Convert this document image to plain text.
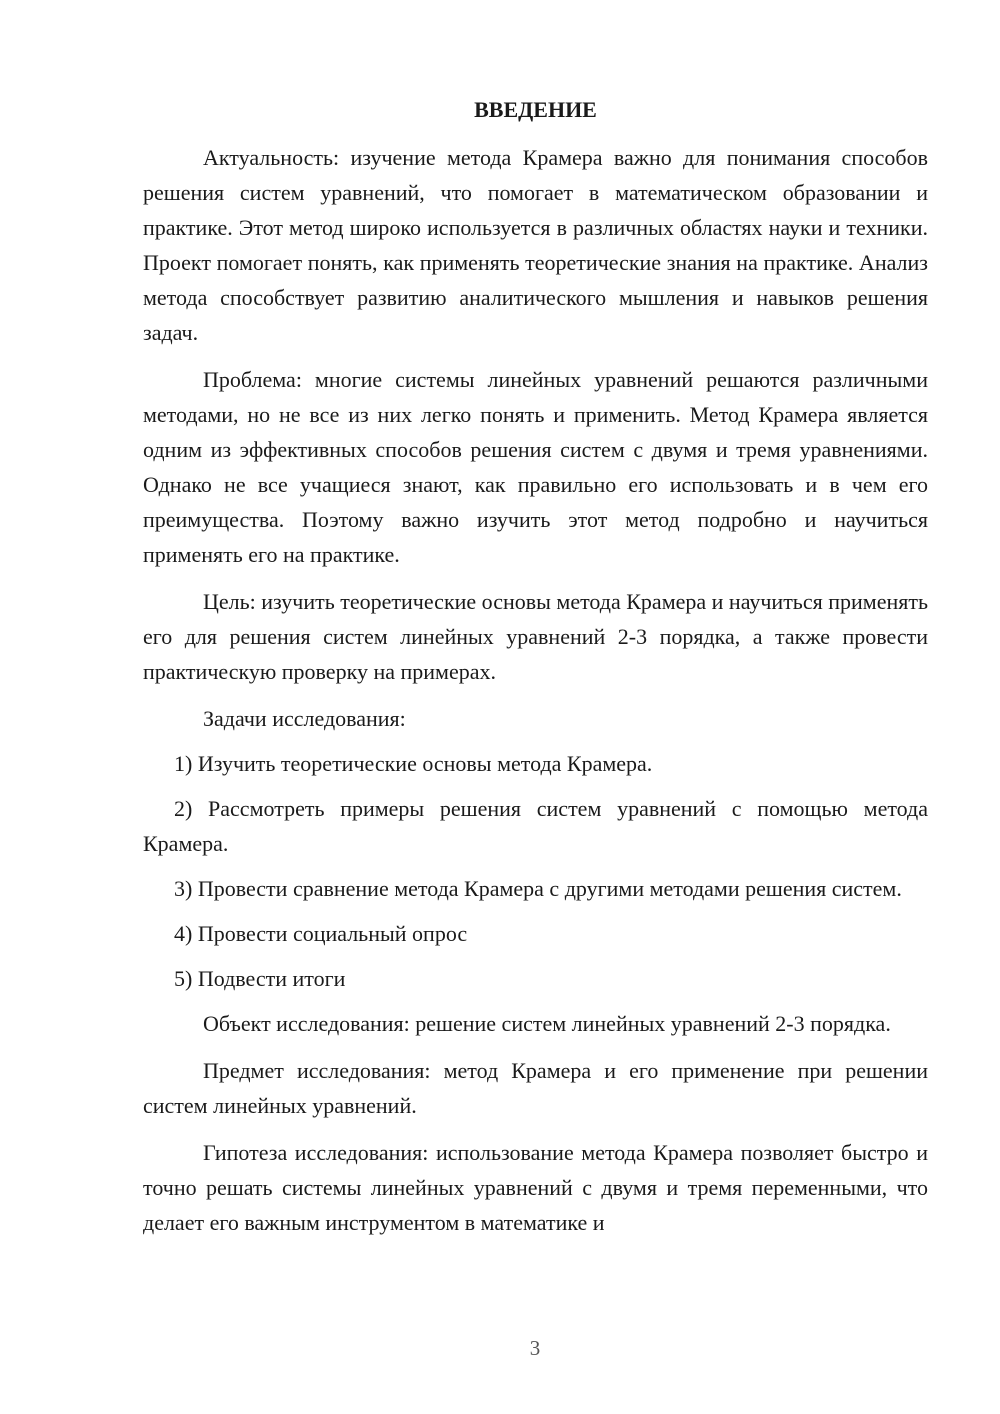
ВВЕДЕНИЕ

Актуальность: изучение метода Крамера важно для понимания способов решения систем уравнений, что помогает в математическом образовании и практике. Этот метод широко используется в различных областях науки и техники. Проект помогает понять, как применять теоретические знания на практике. Анализ метода способствует развитию аналитического мышления и навыков решения задач.

Проблема: многие системы линейных уравнений решаются различными методами, но не все из них легко понять и применить. Метод Крамера является одним из эффективных способов решения систем с двумя и тремя уравнениями. Однако не все учащиеся знают, как правильно его использовать и в чем его преимущества. Поэтому важно изучить этот метод подробно и научиться применять его на практике.

Цель: изучить теоретические основы метода Крамера и научиться применять его для решения систем линейных уравнений 2-3 порядка, а также провести практическую проверку на примерах.

Задачи исследования:

1) Изучить теоретические основы метода Крамера.

2) Рассмотреть примеры решения систем уравнений с помощью метода Крамера.

3) Провести сравнение метода Крамера с другими методами решения систем.

4) Провести социальный опрос

5) Подвести итоги

Объект исследования: решение систем линейных уравнений 2-3 порядка.

Предмет исследования: метод Крамера и его применение при решении систем линейных уравнений.

Гипотеза исследования: использование метода Крамера позволяет быстро и точно решать системы линейных уравнений с двумя и тремя переменными, что делает его важным инструментом в математике и

3
